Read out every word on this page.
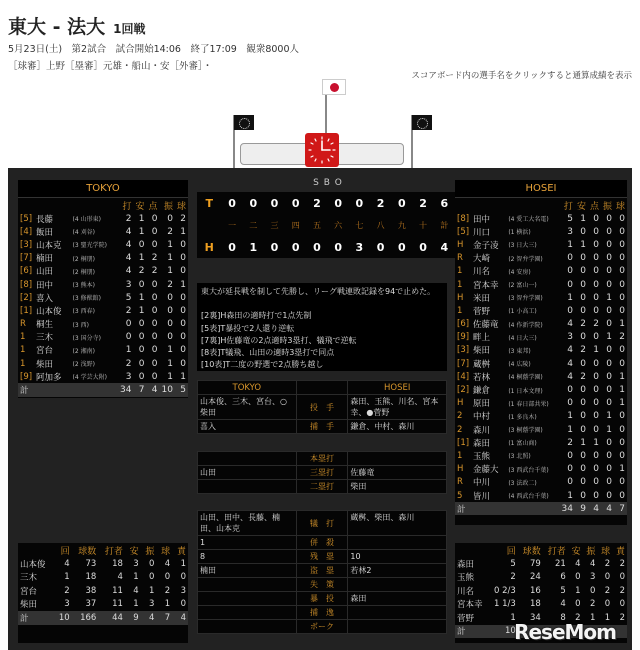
東大 - 法大 1回戦
5月23日(土)　第2試合　試合開始14:06　終了17:09　観衆8000人
［球審］上野［塁審］元雄・船山・安［外審］・
スコアボード内の選手名をクリックすると通算成績を表示
TOKYO
			打	安	点	振	球
[5]	長藤	(4 山形東)	2	1	0	0	2
[4]	飯田	(4 刈谷)	4	1	0	2	1
[3]	山本克	(3 聖光学院)	4	0	0	1	0
[7]	楠田	(2 桐朋)	4	1	2	1	0
[6]	山田	(2 桐朋)	4	2	2	1	0
[8]	田中	(3 熊本)	3	0	0	2	1
[2]	喜入	(3 修猷館)	5	1	0	0	0
[1]	山本俊	(3 西春)	2	1	0	0	0
R	桐生	(3 西)	0	0	0	0	0
1	三木	(3 国分寺)	0	0	0	0	0
1	宮台	(2 湘南)	1	0	0	1	0
1	柴田	(2 浅野)	2	0	0	1	0
[9]	阿加多	(4 学芸大附)	3	0	0	1	1
計			34	7	4	10	5
HOSEI
			打	安	点	振	球
[8]	田中	(4 愛工大名電)	5	1	0	0	0
[5]	川口	(1 横浜)	3	0	0	0	0
H	金子凌	(3 日大三)	1	1	0	0	0
R	大崎	(2 智弁学園)	0	0	0	0	0
1	川名	(4 安房)	0	0	0	0	0
1	宮本幸	(2 富山一)	0	0	0	0	0
H	米田	(3 智弁学園)	1	0	0	1	0
1	菅野	(1 小高工)	0	0	0	0	0
[6]	佐藤竜	(4 作新学院)	4	2	2	0	1
[9]	畔上	(4 日大三)	3	0	0	1	2
[3]	柴田	(3 東邦)	4	2	1	0	0
[7]	蔵桝	(4 広陵)	4	0	0	0	0
[4]	若林	(4 桐蔭学園)	4	2	0	0	1
[2]	鎌倉	(1 日本文理)	0	0	0	0	1
H	原田	(1 春日部共栄)	0	0	0	0	1
2	中村	(1 多良木)	1	0	0	1	0
2	森川	(3 桐蔭学園)	1	0	0	1	0
[1]	森田	(1 富山商)	2	1	1	0	0
1	玉熊	(3 北照)	0	0	0	0	0
H	金藤大	(3 西武台千葉)	0	0	0	0	1
R	中川	(3 法政二)	0	0	0	0	0
5	皆川	(4 西武台千葉)	1	0	0	0	0
計			34	9	4	4	7
	回	球数	打者	安	振	球	責
山本俊	4	73	18	3	0	4	1
三木	1	18	4	1	0	0	0
宮台	2	38	11	4	1	2	3
柴田	3	37	11	1	3	1	0
計	10	166	44	9	4	7	4
	回	球数	打者	安	振	球	責
森田	5	79	21	4	4	2	2
玉熊	2	24	6	0	3	0	0
川名	0 2/3	16	5	1	0	2	2
宮本幸	1 1/3	18	4	0	2	0	0
菅野	1	34	8	2	1	1	2
計	10						
SBO
T	0	0	0	0	2	0	0	2	0	2	6
	一	二	三	四	五	六	七	八	九	十	計
H	0	1	0	0	0	0	3	0	0	0	4
東大が延長戦を制して先勝し、リーグ戦連敗記録を94で止めた。
[2裏]H森田の適時打で1点先制
[5表]T暴投で2人還り逆転
[7裏]H佐藤竜の2点適時3塁打、犠飛で逆転
[8表]T犠飛、山田の適時3塁打で同点
[10表]T二度の野選で2点勝ち越し
TOKYO		HOSEI
山本俊、三木、宮台、○柴田	投　手	森田、玉熊、川名、宮本幸、●菅野
喜入	捕　手	鎌倉、中村、森川
	本塁打	
山田	三塁打	佐藤竜
	二塁打	柴田
山田、田中、長藤、楠田、山本克	犠　打	蔵桝、柴田、森川
1	併　殺	
8	残　塁	10
楠田	盗　塁	若林2
	失　策	
	暴　投	森田
	捕　逸	
	ボーク		ReseMom
